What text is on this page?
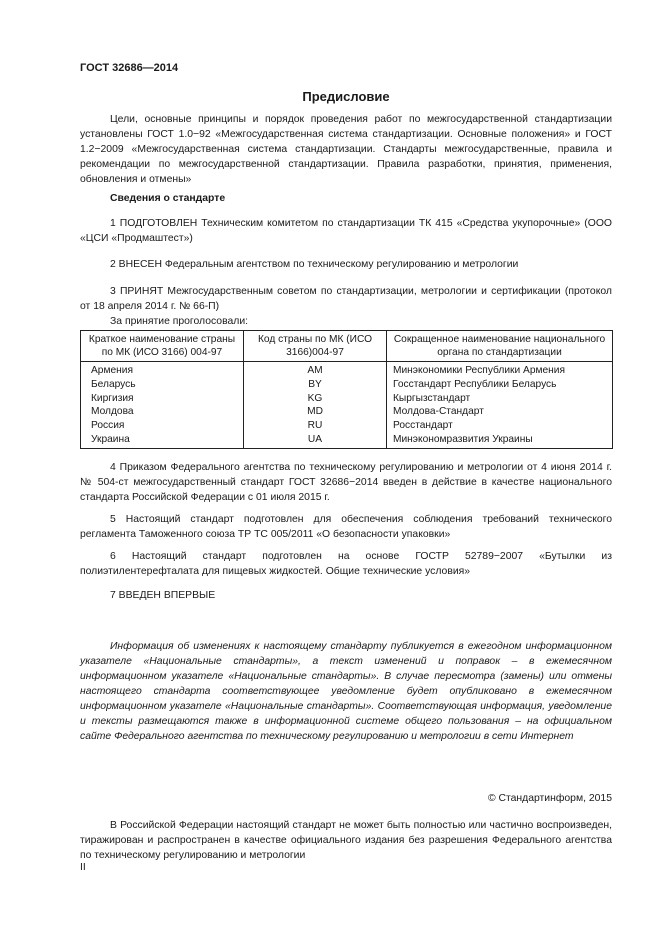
ГОСТ 32686—2014
Предисловие
Цели, основные принципы и порядок проведения работ по межгосударственной стандартизации установлены ГОСТ 1.0−92 «Межгосударственная система стандартизации. Основные положения» и ГОСТ 1.2−2009 «Межгосударственная система стандартизации. Стандарты межгосударственные, правила и рекомендации по межгосударственной стандартизации. Правила разработки, принятия, применения, обновления и отмены»
Сведения о стандарте
1 ПОДГОТОВЛЕН Техническим комитетом по стандартизации ТК 415 «Средства укупорочные» (ООО «ЦСИ «Продмаштест»)
2 ВНЕСЕН Федеральным агентством по техническому регулированию и метрологии
3 ПРИНЯТ Межгосударственным советом по стандартизации, метрологии и сертификации (протокол от 18 апреля 2014 г. № 66-П)
За принятие проголосовали:
Краткое наименование страны по МК (ИСО 3166) 004-97	Код страны по МК (ИСО 3166)004-97	Сокращенное наименование национального органа по стандартизации
Армения	AM	Минэкономики Республики Армения
Беларусь	BY	Госстандарт Республики Беларусь
Киргизия	KG	Кыргызстандарт
Молдова	MD	Молдова-Стандарт
Россия	RU	Росстандарт
Украина	UA	Минэкономразвития Украины
4 Приказом Федерального агентства по техническому регулированию и метрологии от 4 июня 2014 г. № 504-ст межгосударственный стандарт ГОСТ 32686−2014 введен в действие в качестве национального стандарта Российской Федерации с 01 июля 2015 г.
5 Настоящий стандарт подготовлен для обеспечения соблюдения требований технического регламента Таможенного союза ТР ТС 005/2011 «О безопасности упаковки»
6 Настоящий стандарт подготовлен на основе ГОСТР 52789−2007 «Бутылки из полиэтилентерефталата для пищевых жидкостей. Общие технические условия»
7 ВВЕДЕН ВПЕРВЫЕ
Информация об изменениях к настоящему стандарту публикуется в ежегодном информационном указателе «Национальные стандарты», а текст изменений и поправок – в ежемесячном информационном указателе «Национальные стандарты». В случае пересмотра (замены) или отмены настоящего стандарта соответствующее уведомление будет опубликовано в ежемесячном информационном указателе «Национальные стандарты». Соответствующая информация, уведомление и тексты размещаются также в информационной системе общего пользования – на официальном сайте Федерального агентства по техническому регулированию и метрологии в сети Интернет
© Стандартинформ, 2015
В Российской Федерации настоящий стандарт не может быть полностью или частично воспроизведен, тиражирован и распространен в качестве официального издания без разрешения Федерального агентства по техническому регулированию и метрологии
II
